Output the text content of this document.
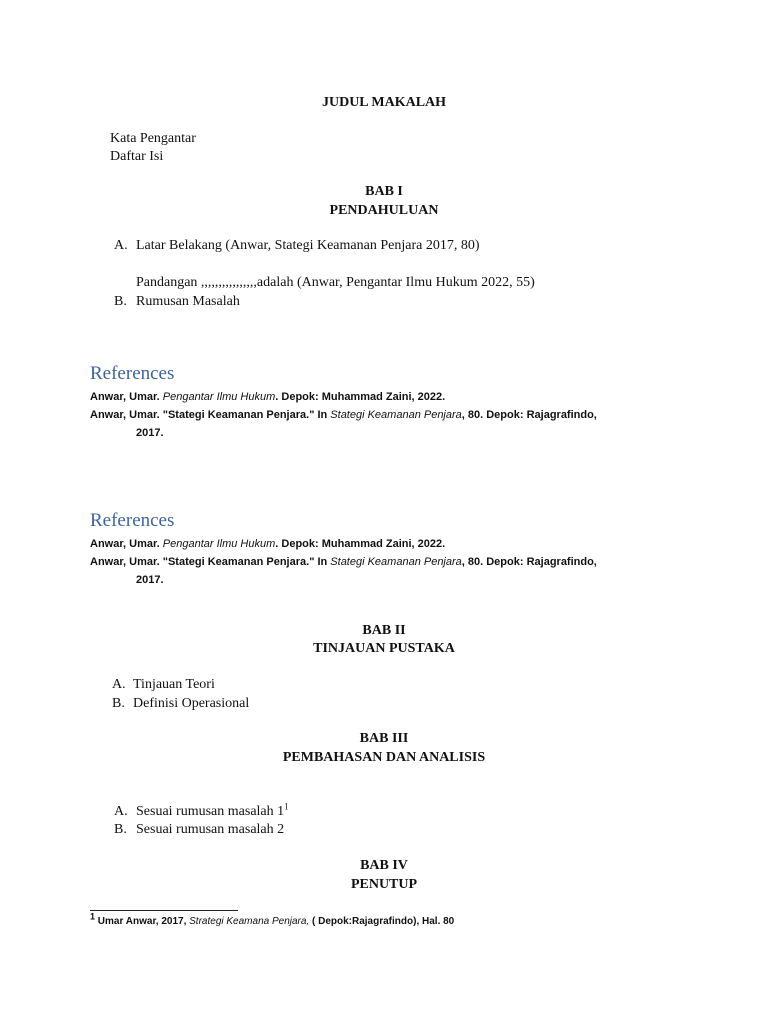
JUDUL MAKALAH
Kata Pengantar
Daftar Isi
BAB I
PENDAHULUAN
A. Latar Belakang (Anwar, Stategi Keamanan Penjara 2017, 80)
Pandangan ,,,,,,,,,,,,,,,,adalah (Anwar, Pengantar Ilmu Hukum 2022, 55)
B. Rumusan Masalah
References
Anwar, Umar. Pengantar Ilmu Hukum. Depok: Muhammad Zaini, 2022.
Anwar, Umar. "Stategi Keamanan Penjara." In Stategi Keamanan Penjara, 80. Depok: Rajagrafindo,
2017.
References
Anwar, Umar. Pengantar Ilmu Hukum. Depok: Muhammad Zaini, 2022.
Anwar, Umar. "Stategi Keamanan Penjara." In Stategi Keamanan Penjara, 80. Depok: Rajagrafindo,
2017.
BAB II
TINJAUAN PUSTAKA
A. Tinjauan Teori
B. Definisi Operasional
BAB III
PEMBAHASAN DAN ANALISIS
A. Sesuai rumusan masalah $1^1$
B. Sesuai rumusan masalah 2
BAB IV
PENUTUP
$^1$ Umar Anwar, 2017, Strategi Keamana Penjara, ( Depok:Rajagrafindo), Hal. 80
